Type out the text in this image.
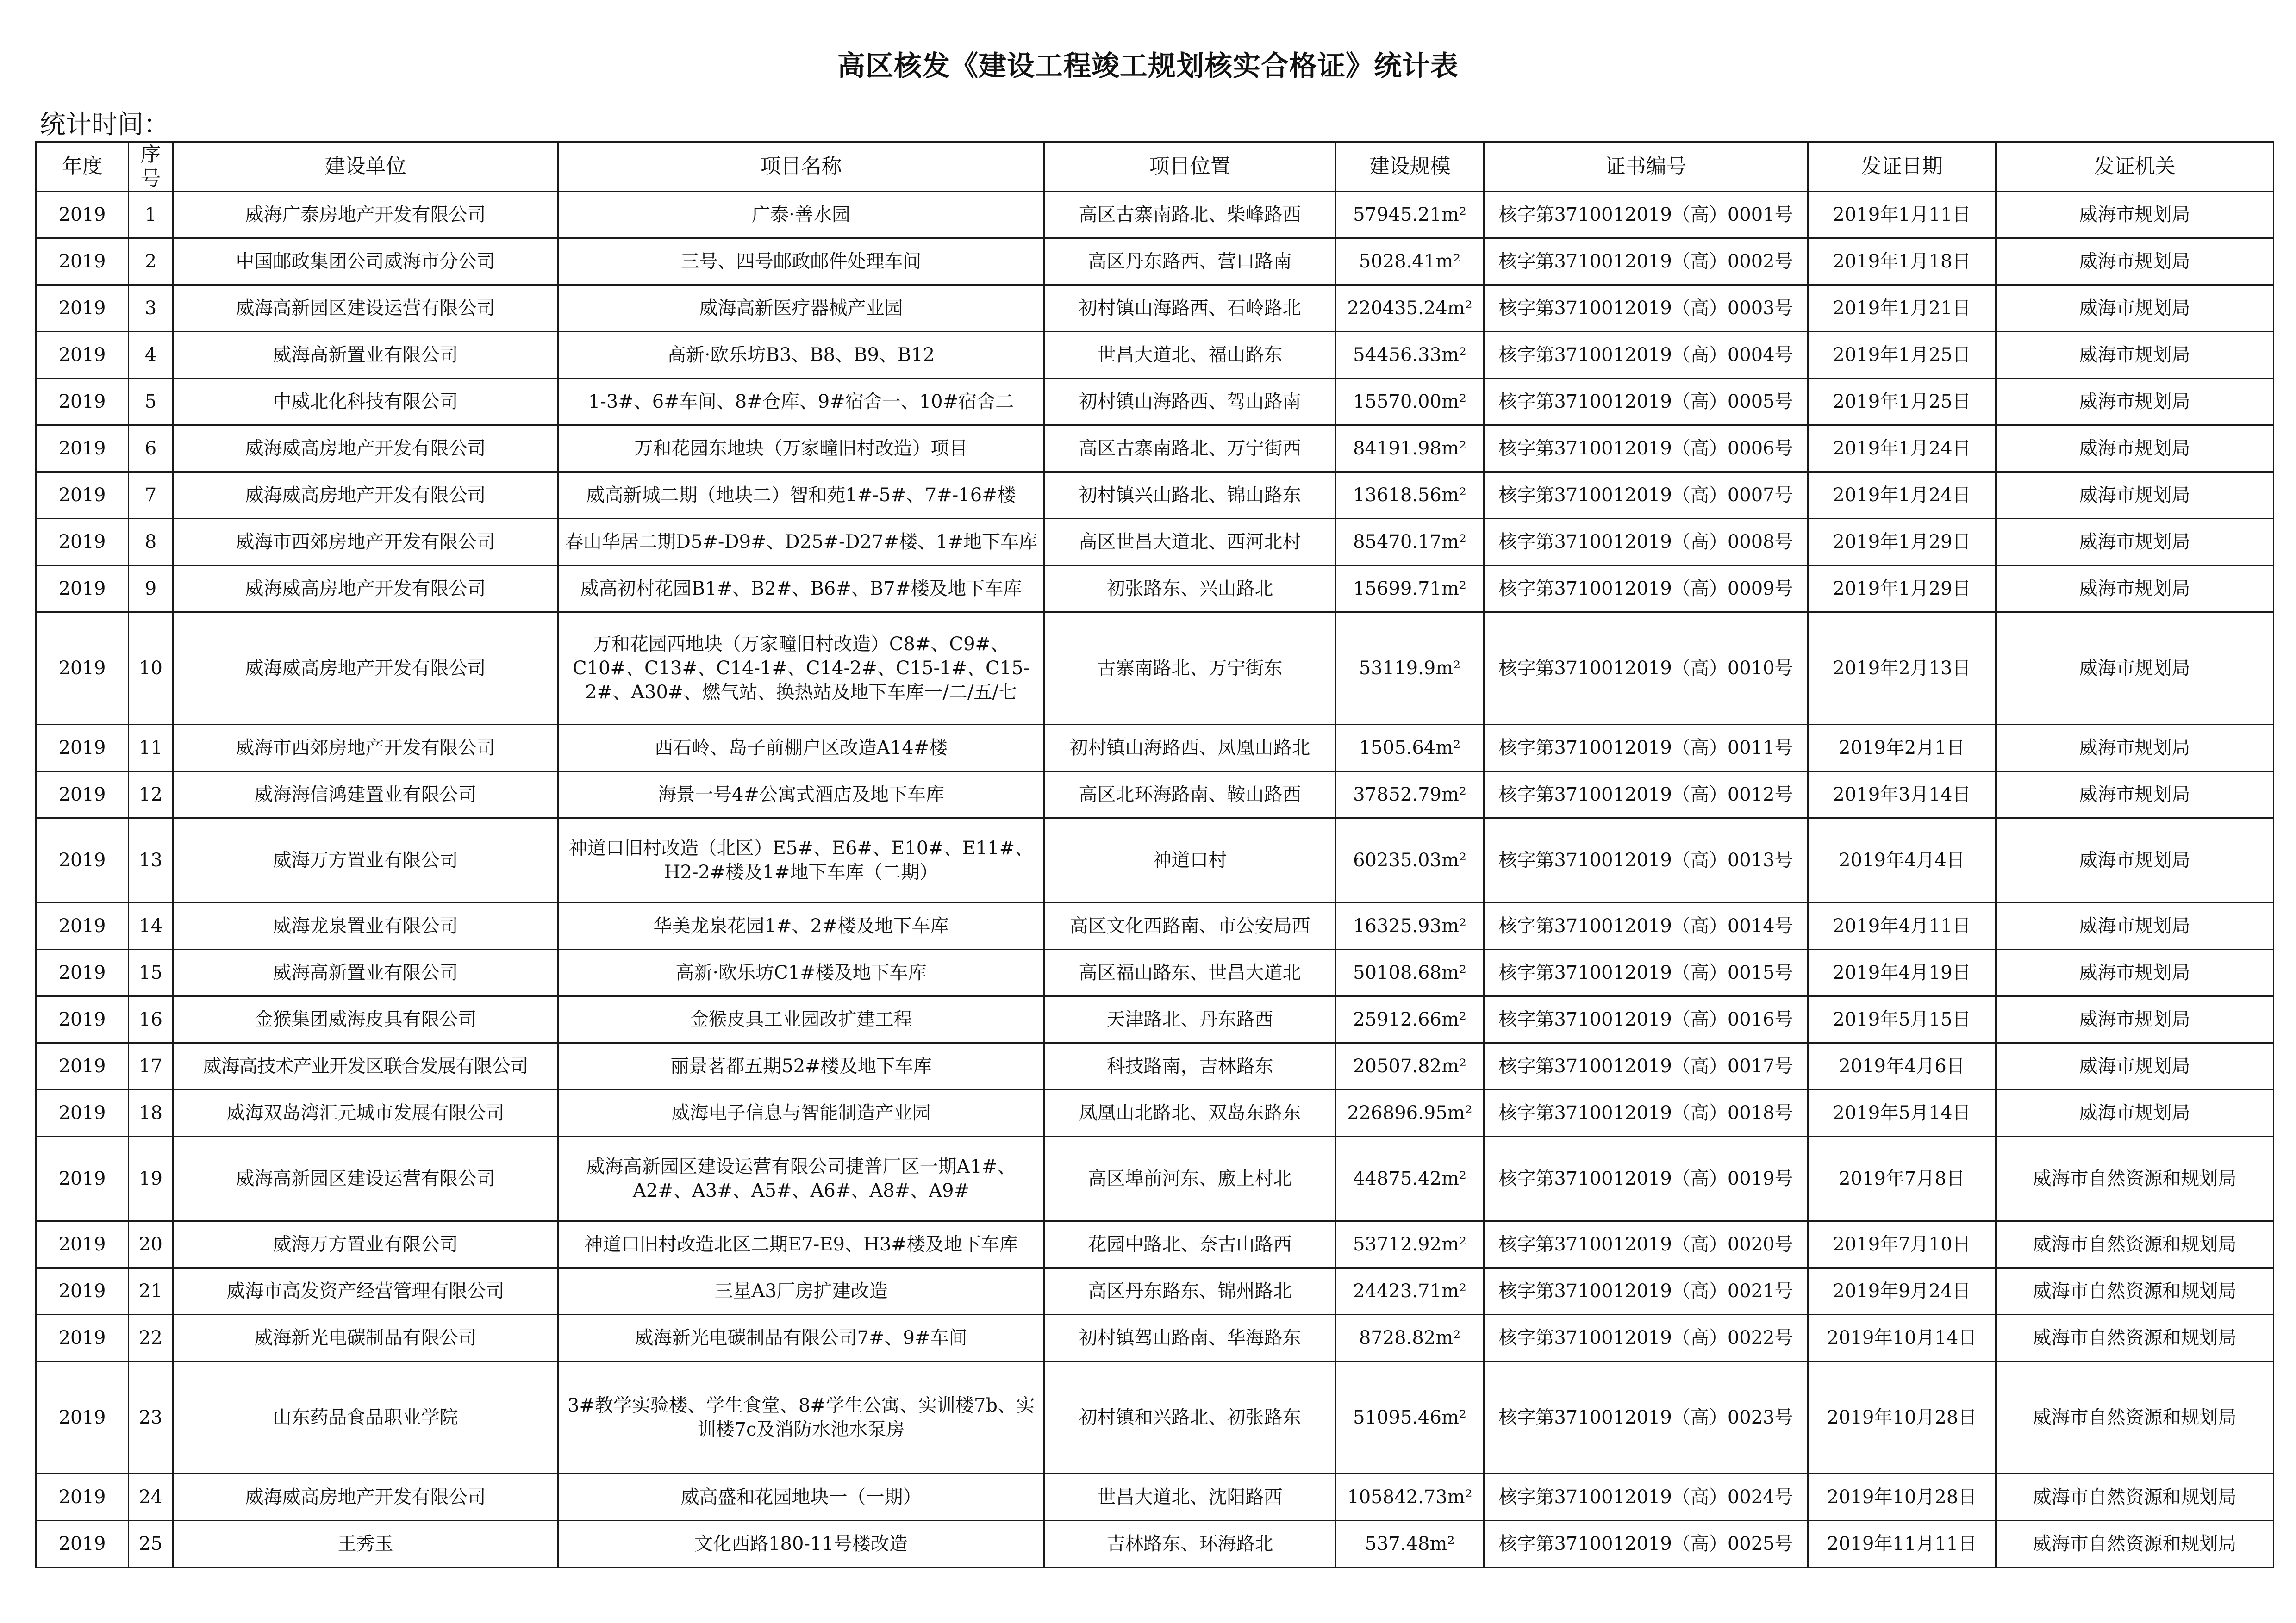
高区核发《建设工程竣工规划核实合格证》统计表
统计时间：
年度	序号	建设单位	项目名称	项目位置	建设规模	证书编号	发证日期	发证机关
2019	1	威海广泰房地产开发有限公司	广泰·善水园	高区古寨南路北、柴峰路西	57945.21m²	核字第3710012019（高）0001号	2019年1月11日	威海市规划局
2019	2	中国邮政集团公司威海市分公司	三号、四号邮政邮件处理车间	高区丹东路西、营口路南	5028.41m²	核字第3710012019（高）0002号	2019年1月18日	威海市规划局
2019	3	威海高新园区建设运营有限公司	威海高新医疗器械产业园	初村镇山海路西、石岭路北	220435.24m²	核字第3710012019（高）0003号	2019年1月21日	威海市规划局
2019	4	威海高新置业有限公司	高新·欧乐坊B3、B8、B9、B12	世昌大道北、福山路东	54456.33m²	核字第3710012019（高）0004号	2019年1月25日	威海市规划局
2019	5	中威北化科技有限公司	1-3#、6#车间、8#仓库、9#宿舍一、10#宿舍二	初村镇山海路西、驾山路南	15570.00m²	核字第3710012019（高）0005号	2019年1月25日	威海市规划局
2019	6	威海威高房地产开发有限公司	万和花园东地块（万家疃旧村改造）项目	高区古寨南路北、万宁街西	84191.98m²	核字第3710012019（高）0006号	2019年1月24日	威海市规划局
2019	7	威海威高房地产开发有限公司	威高新城二期（地块二）智和苑1#-5#、7#-16#楼	初村镇兴山路北、锦山路东	13618.56m²	核字第3710012019（高）0007号	2019年1月24日	威海市规划局
2019	8	威海市西郊房地产开发有限公司	春山华居二期D5#-D9#、D25#-D27#楼、1#地下车库	高区世昌大道北、西河北村	85470.17m²	核字第3710012019（高）0008号	2019年1月29日	威海市规划局
2019	9	威海威高房地产开发有限公司	威高初村花园B1#、B2#、B6#、B7#楼及地下车库	初张路东、兴山路北	15699.71m²	核字第3710012019（高）0009号	2019年1月29日	威海市规划局
2019	10	威海威高房地产开发有限公司	万和花园西地块（万家疃旧村改造）C8#、C9#、C10#、C13#、C14-1#、C14-2#、C15-1#、C15-2#、A30#、燃气站、换热站及地下车库一/二/五/七	古寨南路北、万宁街东	53119.9m²	核字第3710012019（高）0010号	2019年2月13日	威海市规划局
2019	11	威海市西郊房地产开发有限公司	西石岭、岛子前棚户区改造A14#楼	初村镇山海路西、凤凰山路北	1505.64m²	核字第3710012019（高）0011号	2019年2月1日	威海市规划局
2019	12	威海海信鸿建置业有限公司	海景一号4#公寓式酒店及地下车库	高区北环海路南、鞍山路西	37852.79m²	核字第3710012019（高）0012号	2019年3月14日	威海市规划局
2019	13	威海万方置业有限公司	神道口旧村改造（北区）E5#、E6#、E10#、E11#、H2-2#楼及1#地下车库（二期）	神道口村	60235.03m²	核字第3710012019（高）0013号	2019年4月4日	威海市规划局
2019	14	威海龙泉置业有限公司	华美龙泉花园1#、2#楼及地下车库	高区文化西路南、市公安局西	16325.93m²	核字第3710012019（高）0014号	2019年4月11日	威海市规划局
2019	15	威海高新置业有限公司	高新·欧乐坊C1#楼及地下车库	高区福山路东、世昌大道北	50108.68m²	核字第3710012019（高）0015号	2019年4月19日	威海市规划局
2019	16	金猴集团威海皮具有限公司	金猴皮具工业园改扩建工程	天津路北、丹东路西	25912.66m²	核字第3710012019（高）0016号	2019年5月15日	威海市规划局
2019	17	威海高技术产业开发区联合发展有限公司	丽景茗都五期52#楼及地下车库	科技路南，吉林路东	20507.82m²	核字第3710012019（高）0017号	2019年4月6日	威海市规划局
2019	18	威海双岛湾汇元城市发展有限公司	威海电子信息与智能制造产业园	凤凰山北路北、双岛东路东	226896.95m²	核字第3710012019（高）0018号	2019年5月14日	威海市规划局
2019	19	威海高新园区建设运营有限公司	威海高新园区建设运营有限公司捷普厂区一期A1#、A2#、A3#、A5#、A6#、A8#、A9#	高区埠前河东、廒上村北	44875.42m²	核字第3710012019（高）0019号	2019年7月8日	威海市自然资源和规划局
2019	20	威海万方置业有限公司	神道口旧村改造北区二期E7-E9、H3#楼及地下车库	花园中路北、奈古山路西	53712.92m²	核字第3710012019（高）0020号	2019年7月10日	威海市自然资源和规划局
2019	21	威海市高发资产经营管理有限公司	三星A3厂房扩建改造	高区丹东路东、锦州路北	24423.71m²	核字第3710012019（高）0021号	2019年9月24日	威海市自然资源和规划局
2019	22	威海新光电碳制品有限公司	威海新光电碳制品有限公司7#、9#车间	初村镇驾山路南、华海路东	8728.82m²	核字第3710012019（高）0022号	2019年10月14日	威海市自然资源和规划局
2019	23	山东药品食品职业学院	3#教学实验楼、学生食堂、8#学生公寓、实训楼7b、实训楼7c及消防水池水泵房	初村镇和兴路北、初张路东	51095.46m²	核字第3710012019（高）0023号	2019年10月28日	威海市自然资源和规划局
2019	24	威海威高房地产开发有限公司	威高盛和花园地块一（一期）	世昌大道北、沈阳路西	105842.73m²	核字第3710012019（高）0024号	2019年10月28日	威海市自然资源和规划局
2019	25	王秀玉	文化西路180-11号楼改造	吉林路东、环海路北	537.48m²	核字第3710012019（高）0025号	2019年11月11日	威海市自然资源和规划局
